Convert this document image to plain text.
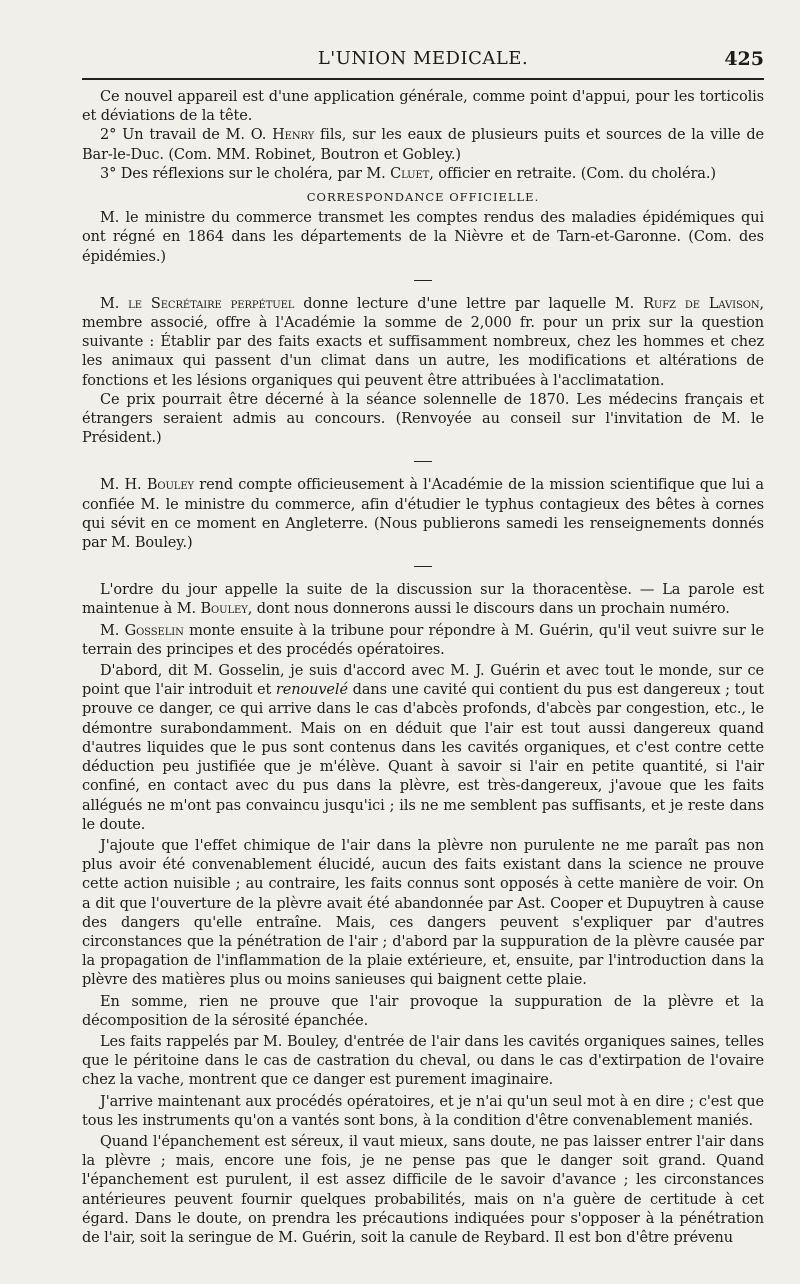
L'UNION MEDICALE.	425

Ce nouvel appareil est d'une application générale, comme point d'appui, pour les torticolis et déviations de la tête.

2° Un travail de M. O. Henry fils, sur les eaux de plusieurs puits et sources de la ville de Bar-le-Duc. (Com. MM. Robinet, Boutron et Gobley.)

3° Des réflexions sur le choléra, par M. Cluet, officier en retraite. (Com. du choléra.)

CORRESPONDANCE OFFICIELLE.

M. le ministre du commerce transmet les comptes rendus des maladies épidémiques qui ont régné en 1864 dans les départements de la Nièvre et de Tarn-et-Garonne. (Com. des épidémies.)

M. le Secrétaire perpétuel donne lecture d'une lettre par laquelle M. Rufz de Lavison, membre associé, offre à l'Académie la somme de 2,000 fr. pour un prix sur la question suivante : Établir par des faits exacts et suffisamment nombreux, chez les hommes et chez les animaux qui passent d'un climat dans un autre, les modifications et altérations de fonctions et les lésions organiques qui peuvent être attribuées à l'acclimatation.

Ce prix pourrait être décerné à la séance solennelle de 1870. Les médecins français et étrangers seraient admis au concours. (Renvoyée au conseil sur l'invitation de M. le Président.)

M. H. Bouley rend compte officieusement à l'Académie de la mission scientifique que lui a confiée M. le ministre du commerce, afin d'étudier le typhus contagieux des bêtes à cornes qui sévit en ce moment en Angleterre. (Nous publierons samedi les renseignements donnés par M. Bouley.)

L'ordre du jour appelle la suite de la discussion sur la thoracentèse. — La parole est maintenue à M. Bouley, dont nous donnerons aussi le discours dans un prochain numéro.

M. Gosselin monte ensuite à la tribune pour répondre à M. Guérin, qu'il veut suivre sur le terrain des principes et des procédés opératoires.

D'abord, dit M. Gosselin, je suis d'accord avec M. J. Guérin et avec tout le monde, sur ce point que l'air introduit et renouvelé dans une cavité qui contient du pus est dangereux ; tout prouve ce danger, ce qui arrive dans le cas d'abcès profonds, d'abcès par congestion, etc., le démontre surabondamment. Mais on en déduit que l'air est tout aussi dangereux quand d'autres liquides que le pus sont contenus dans les cavités organiques, et c'est contre cette déduction peu justifiée que je m'élève. Quant à savoir si l'air en petite quantité, si l'air confiné, en contact avec du pus dans la plèvre, est très-dangereux, j'avoue que les faits allégués ne m'ont pas convaincu jusqu'ici ; ils ne me semblent pas suffisants, et je reste dans le doute.

J'ajoute que l'effet chimique de l'air dans la plèvre non purulente ne me paraît pas non plus avoir été convenablement élucidé, aucun des faits existant dans la science ne prouve cette action nuisible ; au contraire, les faits connus sont opposés à cette manière de voir. On a dit que l'ouverture de la plèvre avait été abandonnée par Ast. Cooper et Dupuytren à cause des dangers qu'elle entraîne. Mais, ces dangers peuvent s'expliquer par d'autres circonstances que la pénétration de l'air ; d'abord par la suppuration de la plèvre causée par la propagation de l'inflammation de la plaie extérieure, et, ensuite, par l'introduction dans la plèvre des matières plus ou moins sanieuses qui baignent cette plaie.

En somme, rien ne prouve que l'air provoque la suppuration de la plèvre et la décomposition de la sérosité épanchée.

Les faits rappelés par M. Bouley, d'entrée de l'air dans les cavités organiques saines, telles que le péritoine dans le cas de castration du cheval, ou dans le cas d'extirpation de l'ovaire chez la vache, montrent que ce danger est purement imaginaire.

J'arrive maintenant aux procédés opératoires, et je n'ai qu'un seul mot à en dire ; c'est que tous les instruments qu'on a vantés sont bons, à la condition d'être convenablement maniés.

Quand l'épanchement est séreux, il vaut mieux, sans doute, ne pas laisser entrer l'air dans la plèvre ; mais, encore une fois, je ne pense pas que le danger soit grand. Quand l'épanchement est purulent, il est assez difficile de le savoir d'avance ; les circonstances antérieures peuvent fournir quelques probabilités, mais on n'a guère de certitude à cet égard. Dans le doute, on prendra les précautions indiquées pour s'opposer à la pénétration de l'air, soit la seringue de M. Guérin, soit la canule de Reybard. Il est bon d'être prévenu
